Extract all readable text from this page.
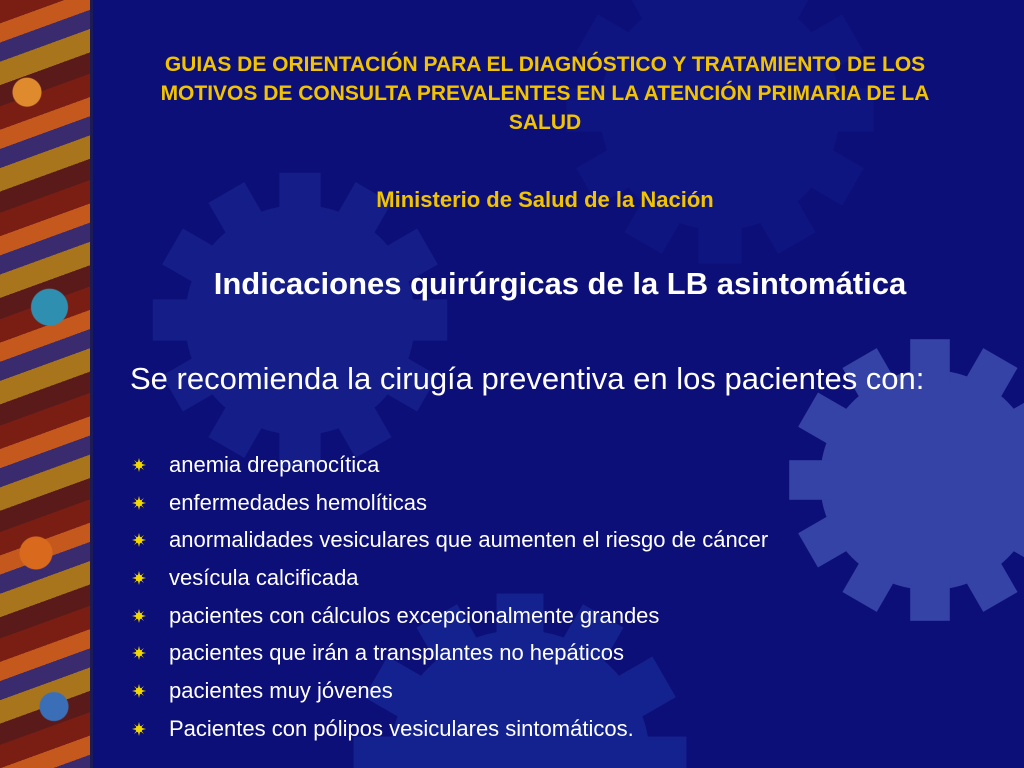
GUIAS DE ORIENTACIÓN PARA EL DIAGNÓSTICO Y TRATAMIENTO DE LOS MOTIVOS DE CONSULTA PREVALENTES EN LA ATENCIÓN PRIMARIA DE LA SALUD

Ministerio de Salud de la Nación

Indicaciones quirúrgicas de la LB asintomática

Se recomienda la cirugía preventiva en los pacientes con:

anemia drepanocítica
enfermedades hemolíticas
anormalidades vesiculares que aumenten el riesgo de cáncer
vesícula calcificada
pacientes con cálculos excepcionalmente grandes
pacientes que irán a transplantes no hepáticos
pacientes muy jóvenes
Pacientes con pólipos vesiculares sintomáticos.
